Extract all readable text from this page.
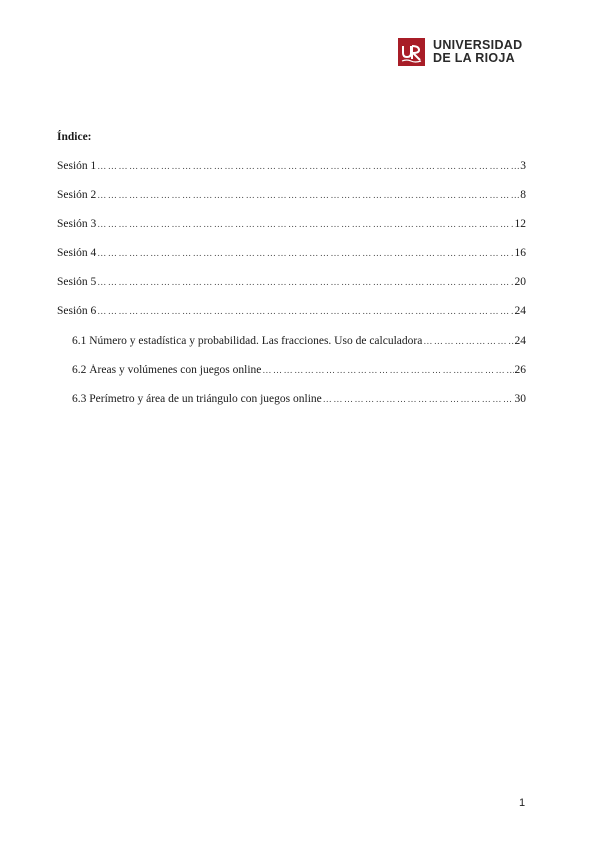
UNIVERSIDAD
DE LA RIOJA
Índice:
Sesión 1 ……………………………………………………………………………………………………………………………………………………………………………………	3
Sesión 2 ……………………………………………………………………………………………………………………………………………………………………………………	8
Sesión 3 ……………………………………………………………………………………………………………………………………………………………………………………	12
Sesión 4 ……………………………………………………………………………………………………………………………………………………………………………………	16
Sesión 5 ……………………………………………………………………………………………………………………………………………………………………………………	20
Sesión 6 ……………………………………………………………………………………………………………………………………………………………………………………	24
6.1 Número y estadística y probabilidad. Las fracciones. Uso de calculadora ……………………………………………………………………………………………………………………………………………………………………………………	24
6.2 Áreas y volúmenes con juegos online ……………………………………………………………………………………………………………………………………………………………………………………	26
6.3 Perímetro y área de un triángulo con juegos online ……………………………………………………………………………………………………………………………………………………………………………………	30
1
